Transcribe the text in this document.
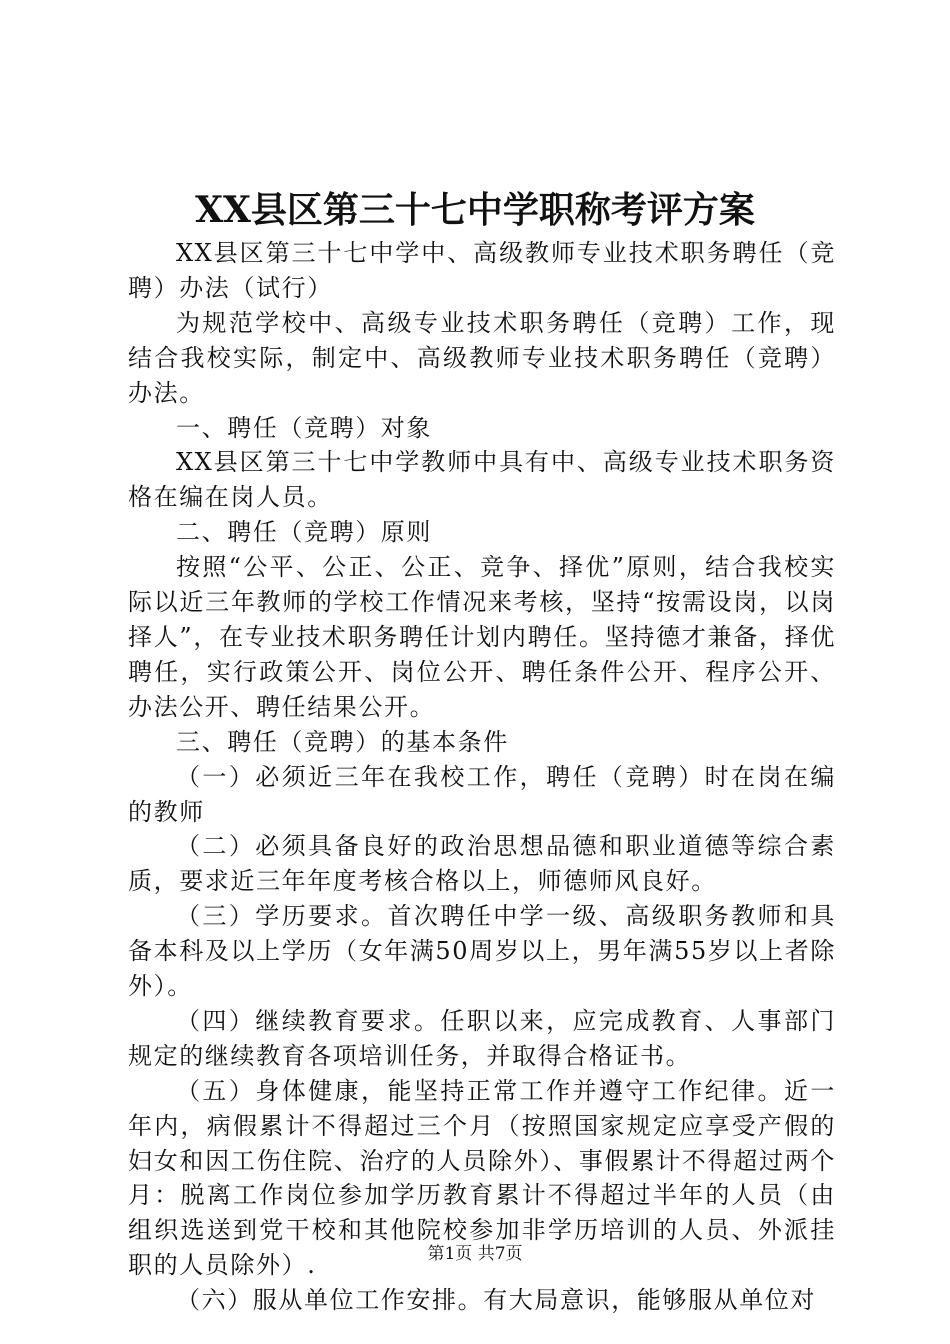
XX县区第三十七中学职称考评方案

XX县区第三十七中学中、高级教师专业技术职务聘任（竞聘）办法（试行）

为规范学校中、高级专业技术职务聘任（竞聘）工作，现结合我校实际，制定中、高级教师专业技术职务聘任（竞聘）办法。

一、聘任（竞聘）对象

XX县区第三十七中学教师中具有中、高级专业技术职务资格在编在岗人员。

二、聘任（竞聘）原则

按照“公平、公正、公正、竞争、择优”原则，结合我校实际以近三年教师的学校工作情况来考核，坚持“按需设岗，以岗择人”，在专业技术职务聘任计划内聘任。坚持德才兼备，择优聘任，实行政策公开、岗位公开、聘任条件公开、程序公开、办法公开、聘任结果公开。

三、聘任（竞聘）的基本条件

（一）必须近三年在我校工作，聘任（竞聘）时在岗在编的教师

（二）必须具备良好的政治思想品德和职业道德等综合素质，要求近三年年度考核合格以上，师德师风良好。

（三）学历要求。首次聘任中学一级、高级职务教师和具备本科及以上学历（女年满50周岁以上，男年满55岁以上者除外）。

（四）继续教育要求。任职以来，应完成教育、人事部门规定的继续教育各项培训任务，并取得合格证书。

（五）身体健康，能坚持正常工作并遵守工作纪律。近一年内，病假累计不得超过三个月（按照国家规定应享受产假的妇女和因工伤住院、治疗的人员除外）、事假累计不得超过两个月：脱离工作岗位参加学历教育累计不得超过半年的人员（由组织选送到党干校和其他院校参加非学历培训的人员、外派挂职的人员除外）.

（六）服从单位工作安排。有大局意识，能够服从单位对

第1页 共7页
